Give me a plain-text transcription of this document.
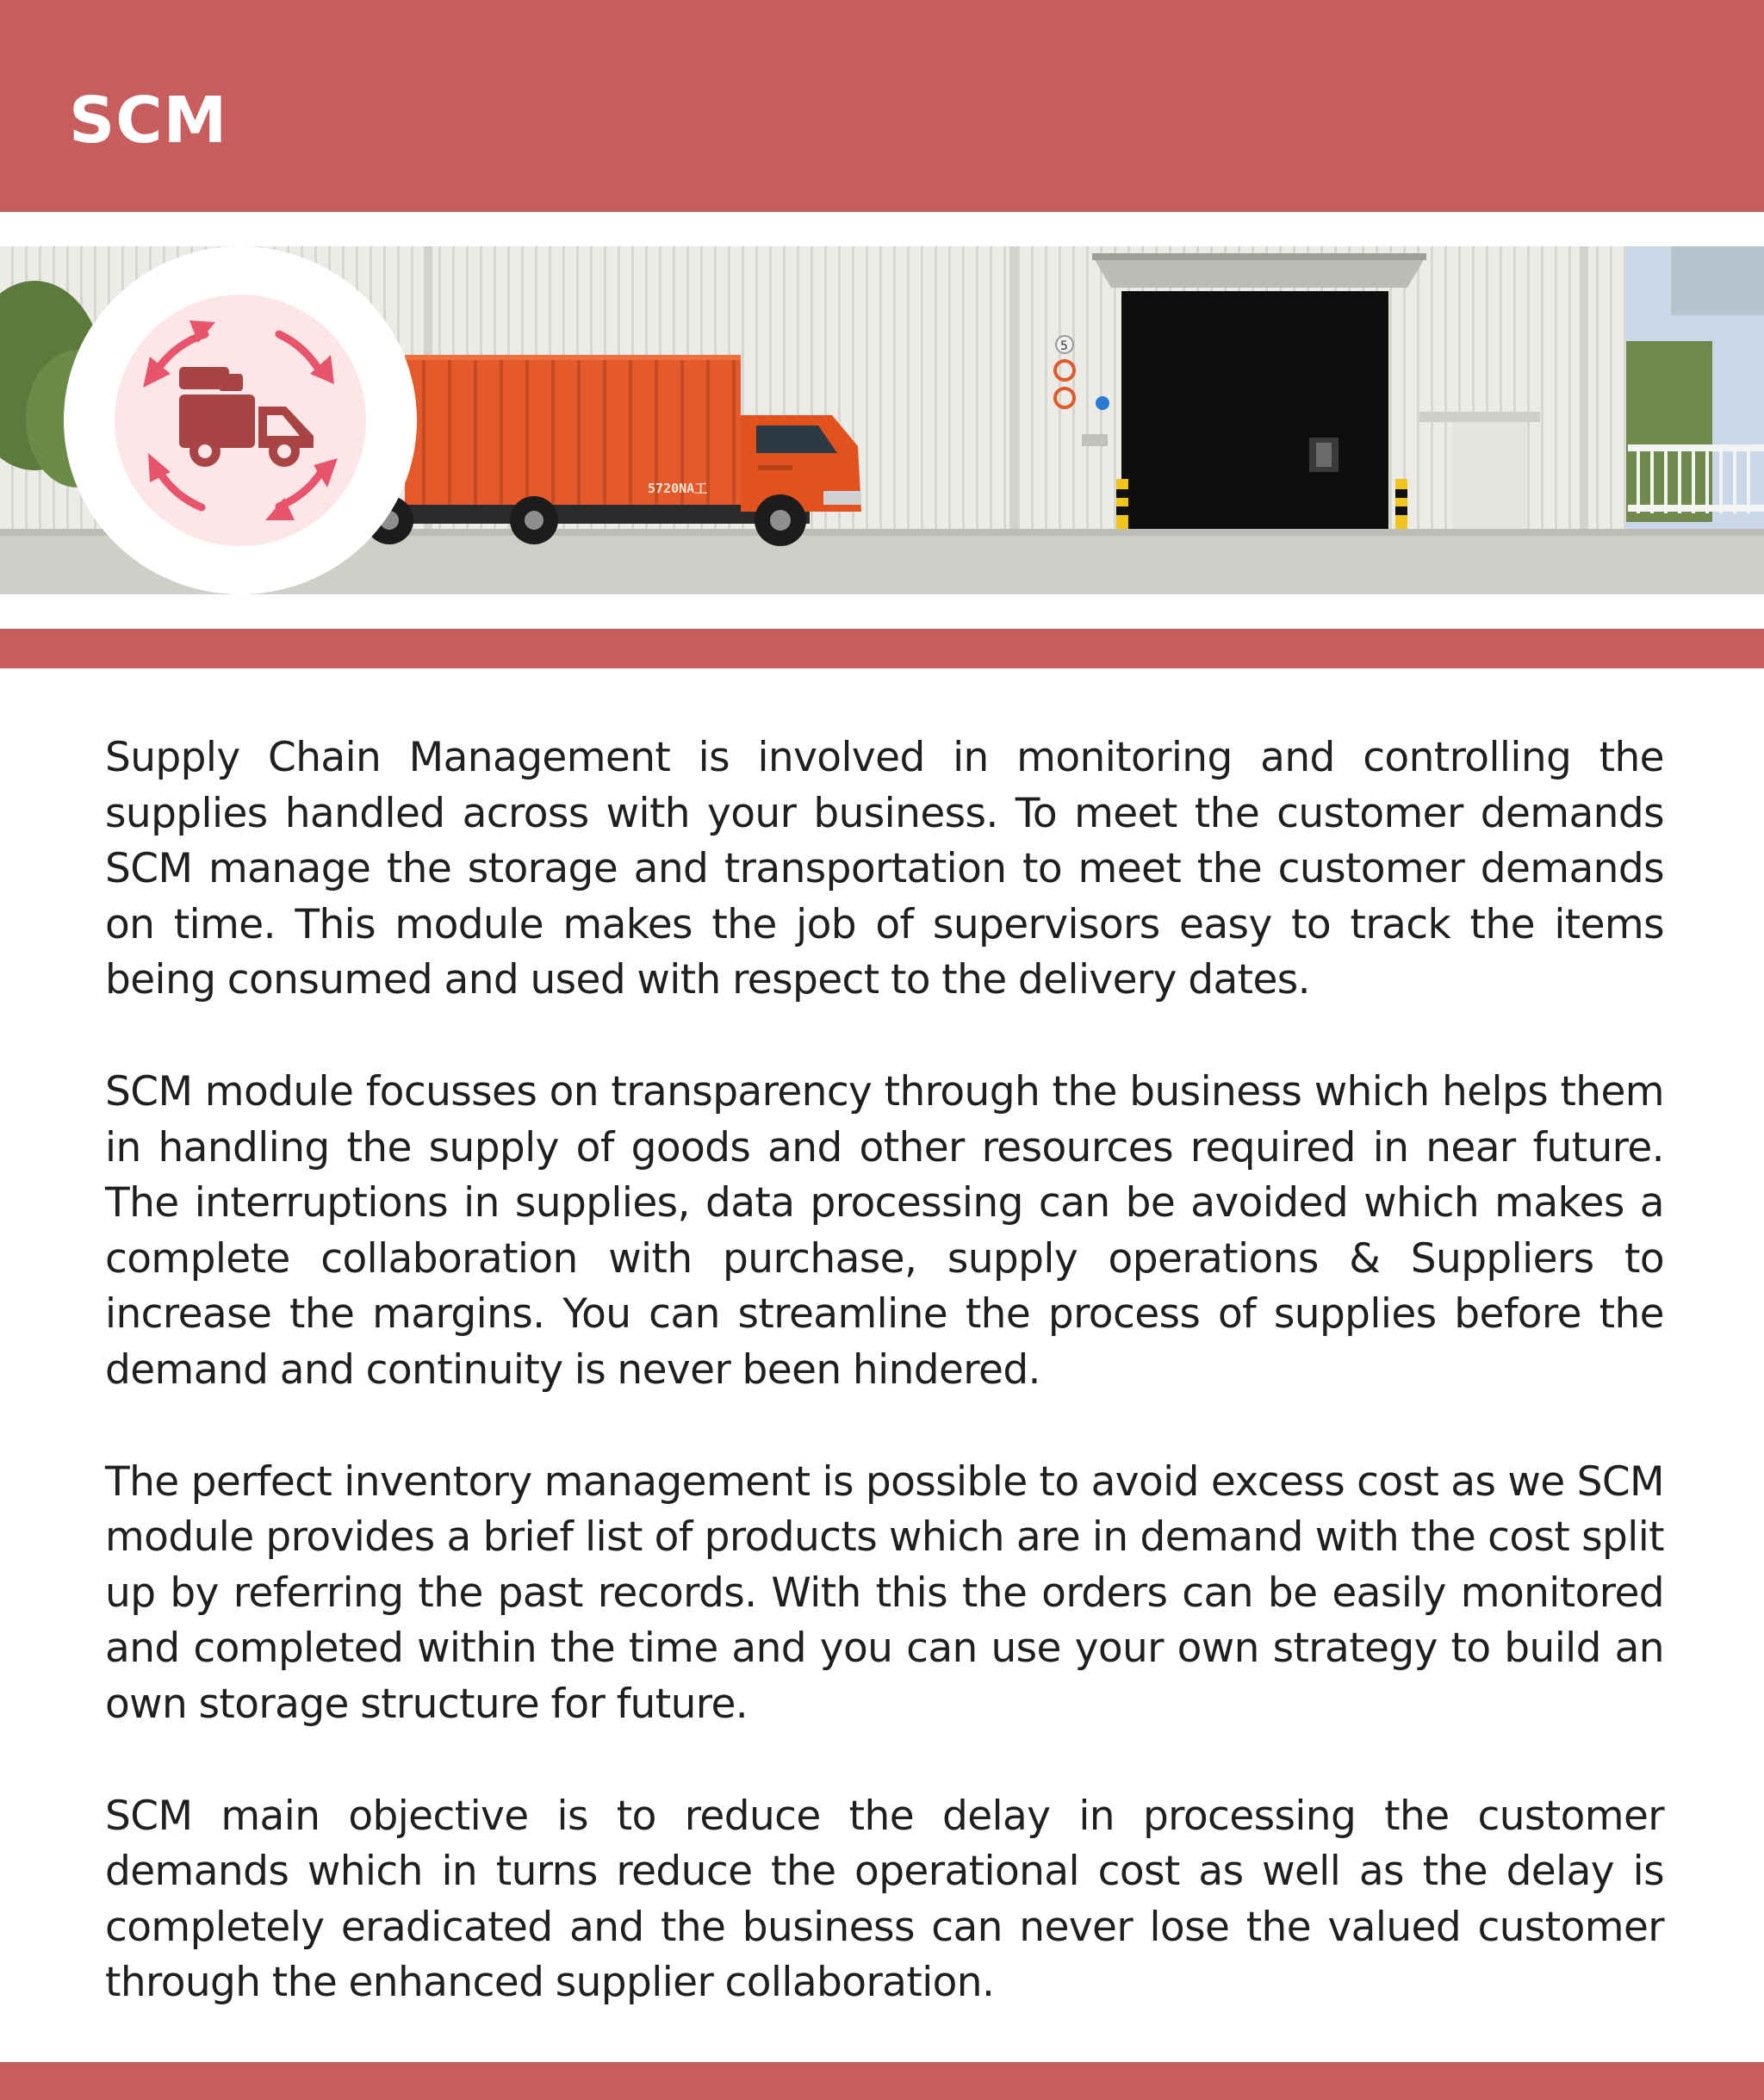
SCM
5
5720NA工

Supply Chain Management is involved in monitoring and controlling the supplies handled across with your business. To meet the customer demands SCM manage the storage and transportation to meet the customer demands on time. This module makes the job of supervisors easy to track the items being consumed and used with respect to the delivery dates.

SCM module focusses on transparency through the business which helps them in handling the supply of goods and other resources required in near future. The interruptions in supplies, data processing can be avoided which makes a complete collaboration with purchase, supply operations & Suppliers to increase the margins. You can streamline the process of supplies before the demand and continuity is never been hindered.

The perfect inventory management is possible to avoid excess cost as we SCM module provides a brief list of products which are in demand with the cost split up by referring the past records. With this the orders can be easily monitored and completed within the time and you can use your own strategy to build an own storage structure for future.

SCM main objective is to reduce the delay in processing the customer demands which in turns reduce the operational cost as well as the delay is completely eradicated and the business can never lose the valued customer through the enhanced supplier collaboration.
